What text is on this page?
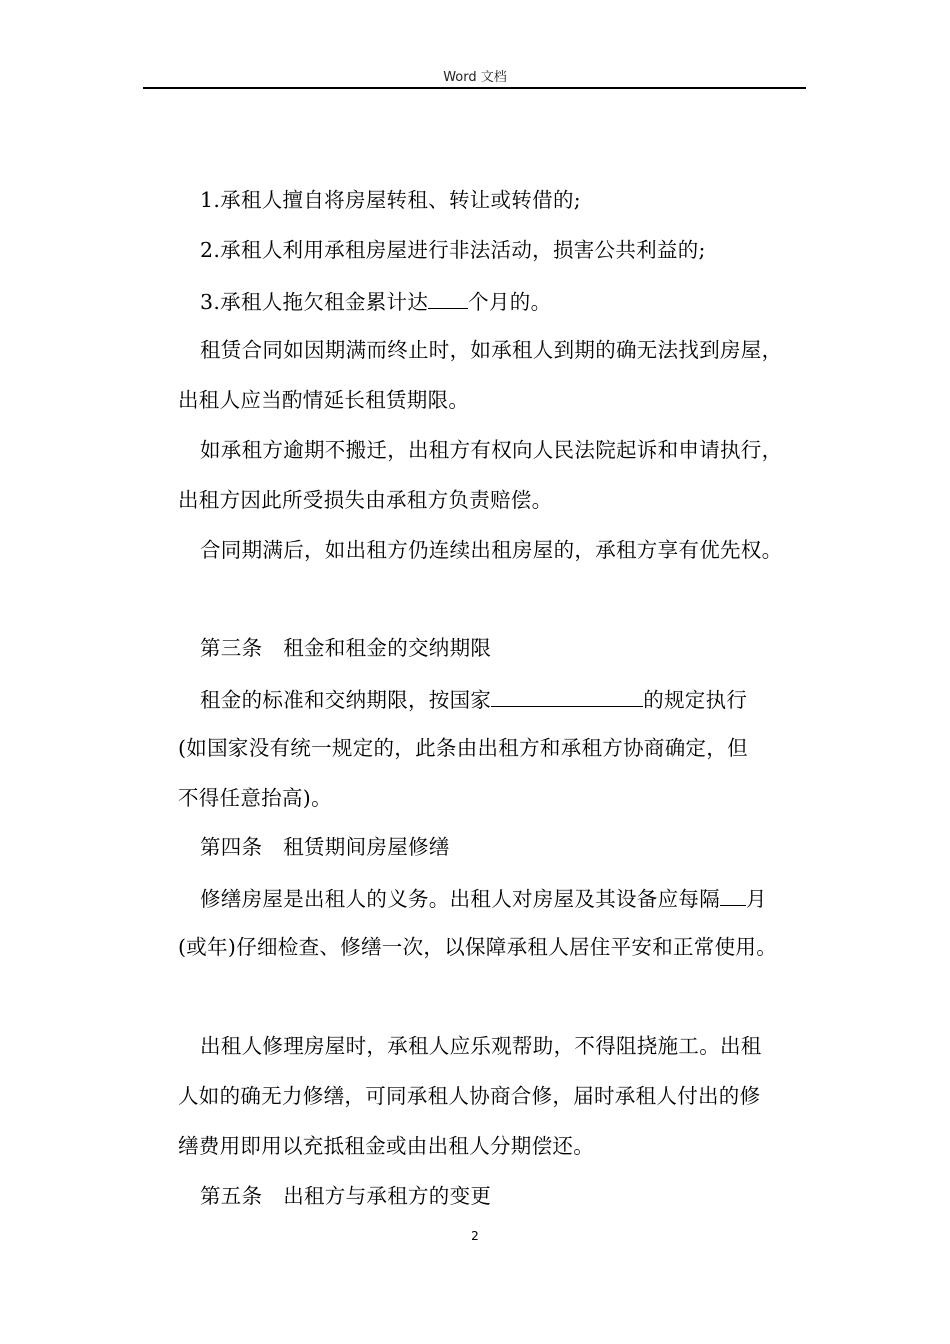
Word 文档
1.承租人擅自将房屋转租、转让或转借的;
2.承租人利用承租房屋进行非法活动，损害公共利益的;
3.承租人拖欠租金累计达 个月的。
租赁合同如因期满而终止时，如承租人到期的确无法找到房屋，
出租人应当酌情延长租赁期限。
如承租方逾期不搬迁，出租方有权向人民法院起诉和申请执行，
出租方因此所受损失由承租方负责赔偿。
合同期满后，如出租方仍连续出租房屋的，承租方享有优先权。
第三条　租金和租金的交纳期限
租金的标准和交纳期限，按国家	的规定执行
(如国家没有统一规定的，此条由出租方和承租方协商确定，但
不得任意抬高)。
第四条　租赁期间房屋修缮
修缮房屋是出租人的义务。出租人对房屋及其设备应每隔 月
(或年)仔细检查、修缮一次，以保障承租人居住平安和正常使用。
出租人修理房屋时，承租人应乐观帮助，不得阻挠施工。出租
人如的确无力修缮，可同承租人协商合修，届时承租人付出的修
缮费用即用以充抵租金或由出租人分期偿还。
第五条　出租方与承租方的变更
2
